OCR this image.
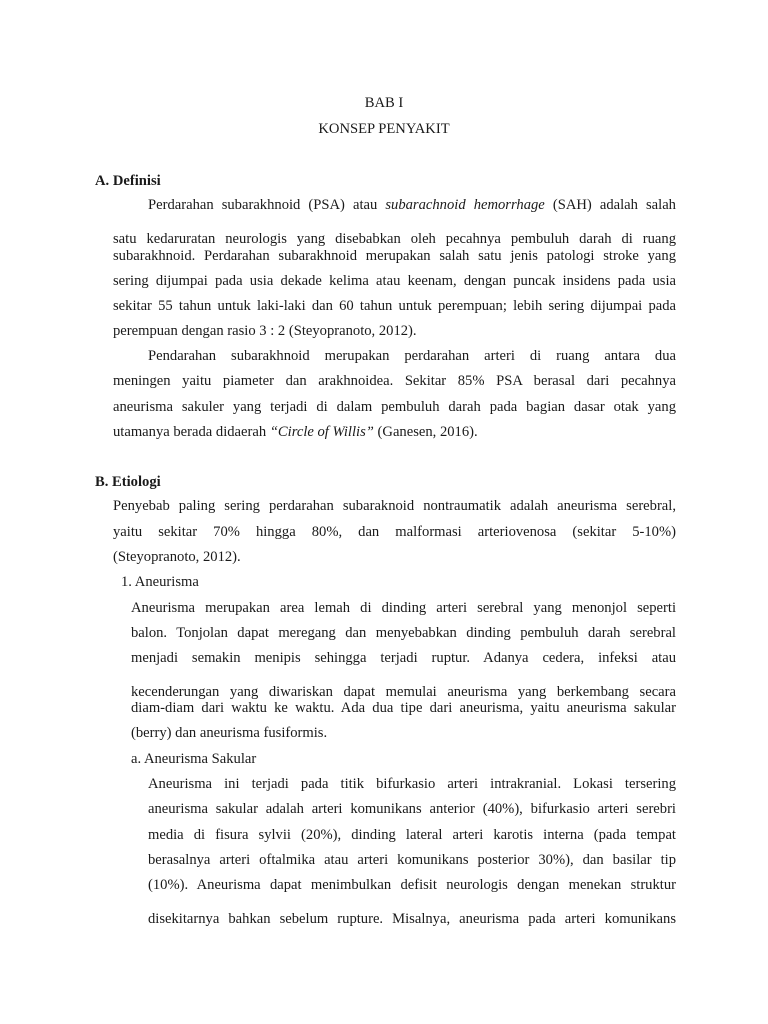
BAB I
KONSEP PENYAKIT
A. Definisi
Perdarahan subarakhnoid (PSA) atau subarachnoid hemorrhage (SAH) adalah salah
satu kedaruratan neurologis yang disebabkan oleh pecahnya pembuluh darah di ruang
subarakhnoid. Perdarahan subarakhnoid merupakan salah satu jenis patologi stroke yang
sering dijumpai pada usia dekade kelima atau keenam, dengan puncak insidens pada usia
sekitar 55 tahun untuk laki-laki dan 60 tahun untuk perempuan; lebih sering dijumpai pada
perempuan dengan rasio 3 : 2 (Steyopranoto, 2012).
Pendarahan subarakhnoid merupakan perdarahan arteri di ruang antara dua
meningen yaitu piameter dan arakhnoidea. Sekitar 85% PSA berasal dari pecahnya
aneurisma sakuler yang terjadi di dalam pembuluh darah pada bagian dasar otak yang
utamanya berada didaerah “Circle of Willis” (Ganesen, 2016).
B. Etiologi
Penyebab paling sering perdarahan subaraknoid nontraumatik adalah aneurisma serebral,
yaitu sekitar 70% hingga 80%, dan malformasi arteriovenosa (sekitar 5-10%)
(Steyopranoto, 2012).
1. Aneurisma
Aneurisma merupakan area lemah di dinding arteri serebral yang menonjol seperti
balon. Tonjolan dapat meregang dan menyebabkan dinding pembuluh darah serebral
menjadi semakin menipis sehingga terjadi ruptur. Adanya cedera, infeksi atau
kecenderungan yang diwariskan dapat memulai aneurisma yang berkembang secara
diam-diam dari waktu ke waktu. Ada dua tipe dari aneurisma, yaitu aneurisma sakular
(berry) dan aneurisma fusiformis.
a. Aneurisma Sakular
Aneurisma ini terjadi pada titik bifurkasio arteri intrakranial. Lokasi tersering
aneurisma sakular adalah arteri komunikans anterior (40%), bifurkasio arteri serebri
media di fisura sylvii (20%), dinding lateral arteri karotis interna (pada tempat
berasalnya arteri oftalmika atau arteri komunikans posterior 30%), dan basilar tip
(10%). Aneurisma dapat menimbulkan defisit neurologis dengan menekan struktur
disekitarnya bahkan sebelum rupture. Misalnya, aneurisma pada arteri komunikans
